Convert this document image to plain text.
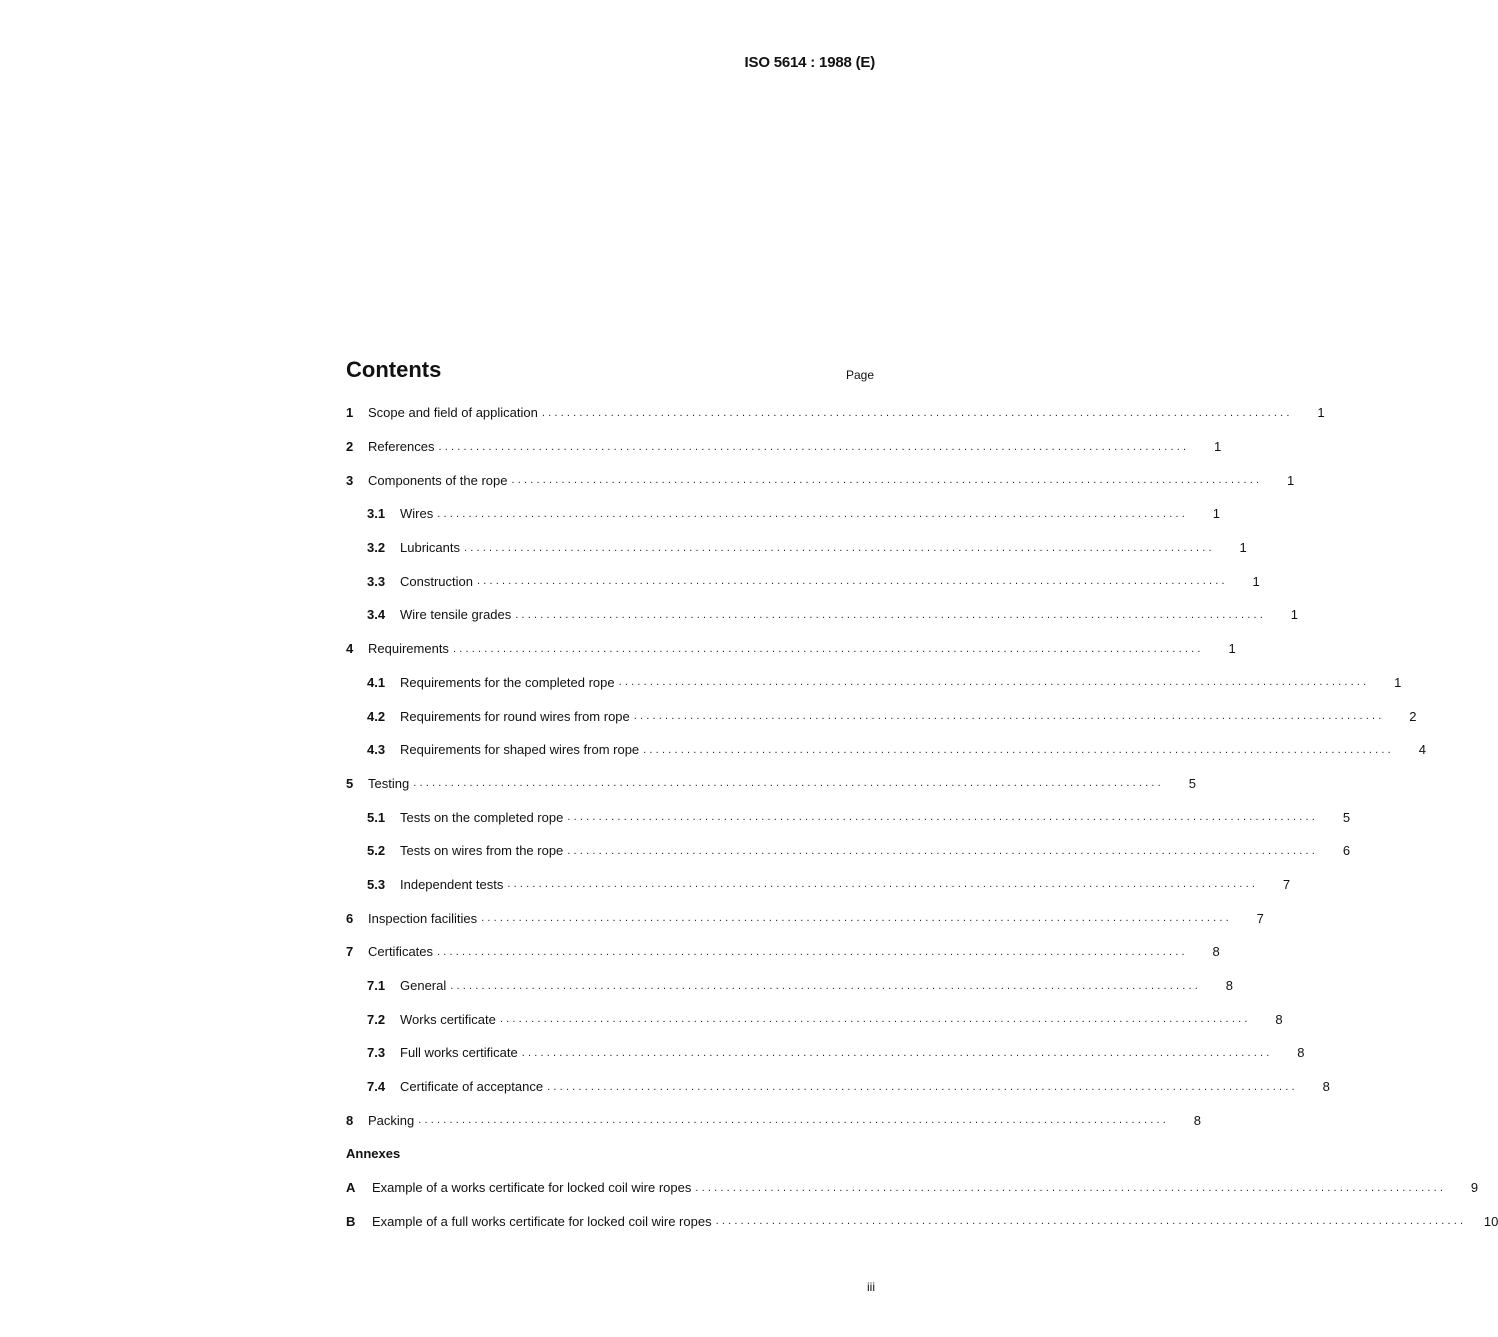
ISO 5614 : 1988 (E)
Contents	Page
1	Scope and field of application ........................................................................................................................	1
2	References ........................................................................................................................	1
3	Components of the rope ........................................................................................................................	1
3.1	Wires ........................................................................................................................	1
3.2	Lubricants ........................................................................................................................	1
3.3	Construction ........................................................................................................................	1
3.4	Wire tensile grades ........................................................................................................................	1
4	Requirements ........................................................................................................................	1
4.1	Requirements for the completed rope ........................................................................................................................	1
4.2	Requirements for round wires from rope ........................................................................................................................	2
4.3	Requirements for shaped wires from rope ........................................................................................................................	4
5	Testing ........................................................................................................................	5
5.1	Tests on the completed rope ........................................................................................................................	5
5.2	Tests on wires from the rope ........................................................................................................................	6
5.3	Independent tests ........................................................................................................................	7
6	Inspection facilities ........................................................................................................................	7
7	Certificates ........................................................................................................................	8
7.1	General ........................................................................................................................	8
7.2	Works certificate ........................................................................................................................	8
7.3	Full works certificate ........................................................................................................................	8
7.4	Certificate of acceptance ........................................................................................................................	8
8	Packing ........................................................................................................................	8
Annexes
A	Example of a works certificate for locked coil wire ropes ........................................................................................................................	9
B	Example of a full works certificate for locked coil wire ropes ........................................................................................................................	10
iii
